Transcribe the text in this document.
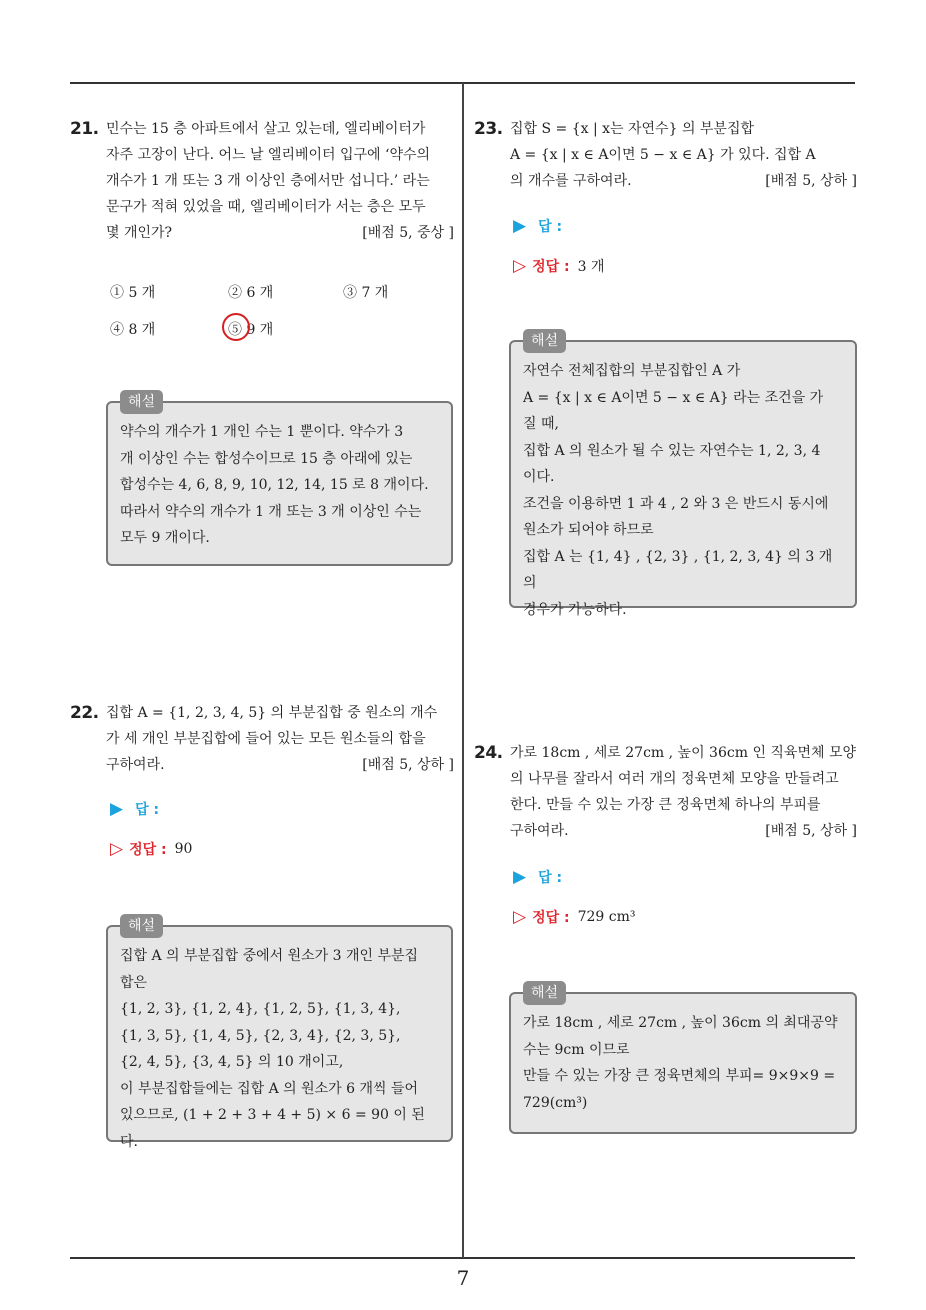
7
21. 민수는 15 층 아파트에서 살고 있는데, 엘리베이터가
자주 고장이 난다. 어느 날 엘리베이터 입구에 ‘약수의
개수가 1 개 또는 3 개 이상인 층에서만 섭니다.’ 라는
문구가 적혀 있었을 때, 엘리베이터가 서는 층은 모두
몇 개인가?	[배점 5, 중상 ]
① 5 개	② 6 개	③ 7 개
④ 8 개	⑤ 9 개
해설
약수의 개수가 1 개인 수는 1 뿐이다. 약수가 3
개 이상인 수는 합성수이므로 15 층 아래에 있는
합성수는 4, 6, 8, 9, 10, 12, 14, 15 로 8 개이다.
따라서 약수의 개수가 1 개 또는 3 개 이상인 수는
모두 9 개이다.
22. 집합 A = {1, 2, 3, 4, 5} 의 부분집합 중 원소의 개수
가 세 개인 부분집합에 들어 있는 모든 원소들의 합을
구하여라.	[배점 5, 상하 ]
▶ 답 :
▷ 정답 : 90
해설
집합 A 의 부분집합 중에서 원소가 3 개인 부분집
합은
{1, 2, 3}, {1, 2, 4}, {1, 2, 5}, {1, 3, 4},
{1, 3, 5}, {1, 4, 5}, {2, 3, 4}, {2, 3, 5},
{2, 4, 5}, {3, 4, 5} 의 10 개이고,
이 부분집합들에는 집합 A 의 원소가 6 개씩 들어
있으므로, (1 + 2 + 3 + 4 + 5) × 6 = 90 이 된다.
23. 집합 S = {x | x는 자연수} 의 부분집합
A = {x | x ∈ A이면 5 − x ∈ A} 가 있다. 집합 A
의 개수를 구하여라.	[배점 5, 상하 ]
▶ 답 :
▷ 정답 : 3 개
해설
자연수 전체집합의 부분집합인 A 가
A = {x | x ∈ A이면 5 − x ∈ A} 라는 조건을 가
질 때,
집합 A 의 원소가 될 수 있는 자연수는 1, 2, 3, 4
이다.
조건을 이용하면 1 과 4 , 2 와 3 은 반드시 동시에
원소가 되어야 하므로
집합 A 는 {1, 4} , {2, 3} , {1, 2, 3, 4} 의 3 개의
경우가 가능하다.
24. 가로 18cm , 세로 27cm , 높이 36cm 인 직육면체 모양
의 나무를 잘라서 여러 개의 정육면체 모양을 만들려고
한다. 만들 수 있는 가장 큰 정육면체 하나의 부피를
구하여라.	[배점 5, 상하 ]
▶ 답 :
▷ 정답 : 729 cm³
해설
가로 18cm , 세로 27cm , 높이 36cm 의 최대공약
수는 9cm 이므로
만들 수 있는 가장 큰 정육면체의 부피= 9×9×9 =
729(cm³)
